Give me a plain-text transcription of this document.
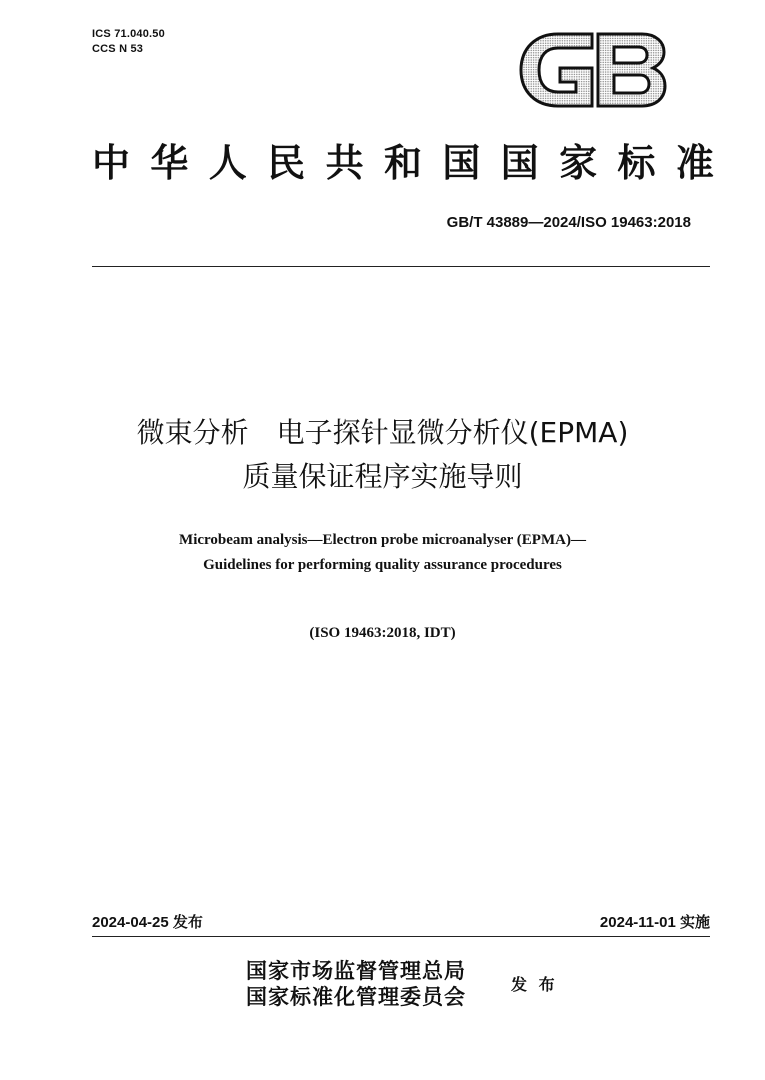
ICS 71.040.50
CCS N 53
中 华 人 民 共 和 国 国 家 标 准
GB/T 43889—2024/ISO 19463:2018
微束分析　电子探针显微分析仪(EPMA)
质量保证程序实施导则
Microbeam analysis—Electron probe microanalyser (EPMA)—
Guidelines for performing quality assurance procedures
(ISO 19463:2018, IDT)
2024-04-25 发布	2024-11-01 实施
国家市场监督管理总局
国家标准化管理委员会	发 布
